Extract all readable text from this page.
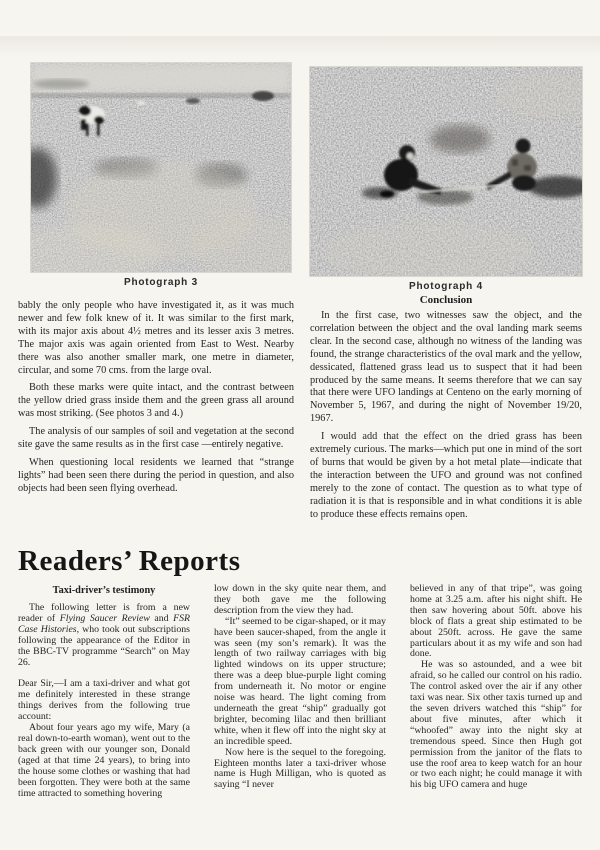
Photograph 3	Photograph 4

bably the only people who have investigated it, as it was much newer and few folk knew of it. It was similar to the first mark, with its major axis about 4½ metres and its lesser axis 3 metres. The major axis was again oriented from East to West. Nearby there was also another smaller mark, one metre in diameter, circular, and some 70 cms. from the large oval.

Both these marks were quite intact, and the contrast between the yellow dried grass inside them and the green grass all around was most striking. (See photos 3 and 4.)

The analysis of our samples of soil and vegetation at the second site gave the same results as in the first case —entirely negative.

When questioning local residents we learned that “strange lights” had been seen there during the period in question, and also objects had been seen flying overhead.

Conclusion

In the first case, two witnesses saw the object, and the correlation between the object and the oval landing mark seems clear. In the second case, although no witness of the landing was found, the strange characteristics of the oval mark and the yellow, dessicated, flattened grass lead us to suspect that it had been produced by the same means. It seems therefore that we can say that there were UFO landings at Centeno on the early morning of November 5, 1967, and during the night of November 19/20, 1967.

I would add that the effect on the dried grass has been extremely curious. The marks—which put one in mind of the sort of burns that would be given by a hot metal plate—indicate that the interaction between the UFO and ground was not confined merely to the zone of contact. The question as to what type of radiation it is that is responsible and in what conditions it is able to produce these effects remains open.

Readers’ Reports
Taxi-driver’s testimony

The following letter is from a new reader of Flying Saucer Review and FSR Case Histories, who took out subscriptions following the appearance of the Editor in the BBC-TV programme “Search” on May 26.

Dear Sir,—I am a taxi-driver and what got me definitely interested in these strange things derives from the following true account:

About four years ago my wife, Mary (a real down-to-earth woman), went out to the back green with our younger son, Donald (aged at that time 24 years), to bring into the house some clothes or washing that had been forgotten. They were both at the same time attracted to something hovering

low down in the sky quite near them, and they both gave me the following description from the view they had.

“It” seemed to be cigar-shaped, or it may have been saucer-shaped, from the angle it was seen (my son’s remark). It was the length of two railway carriages with big lighted windows on its upper structure; there was a deep blue-purple light coming from underneath it. No motor or engine noise was heard. The light coming from underneath the great “ship” gradually got brighter, becoming lilac and then brilliant white, when it flew off into the night sky at an incredible speed.

Now here is the sequel to the foregoing. Eighteen months later a taxi-driver whose name is Hugh Milligan, who is quoted as saying “I never

believed in any of that tripe”, was going home at 3.25 a.m. after his night shift. He then saw hovering about 50ft. above his block of flats a great ship estimated to be about 250ft. across. He gave the same particulars about it as my wife and son had done.

He was so astounded, and a wee bit afraid, so he called our control on his radio. The control asked over the air if any other taxi was near. Six other taxis turned up and the seven drivers watched this “ship” for about five minutes, after which it “whoofed” away into the night sky at tremendous speed. Since then Hugh got permission from the janitor of the flats to use the roof area to keep watch for an hour or two each night; he could manage it with his big UFO camera and huge
